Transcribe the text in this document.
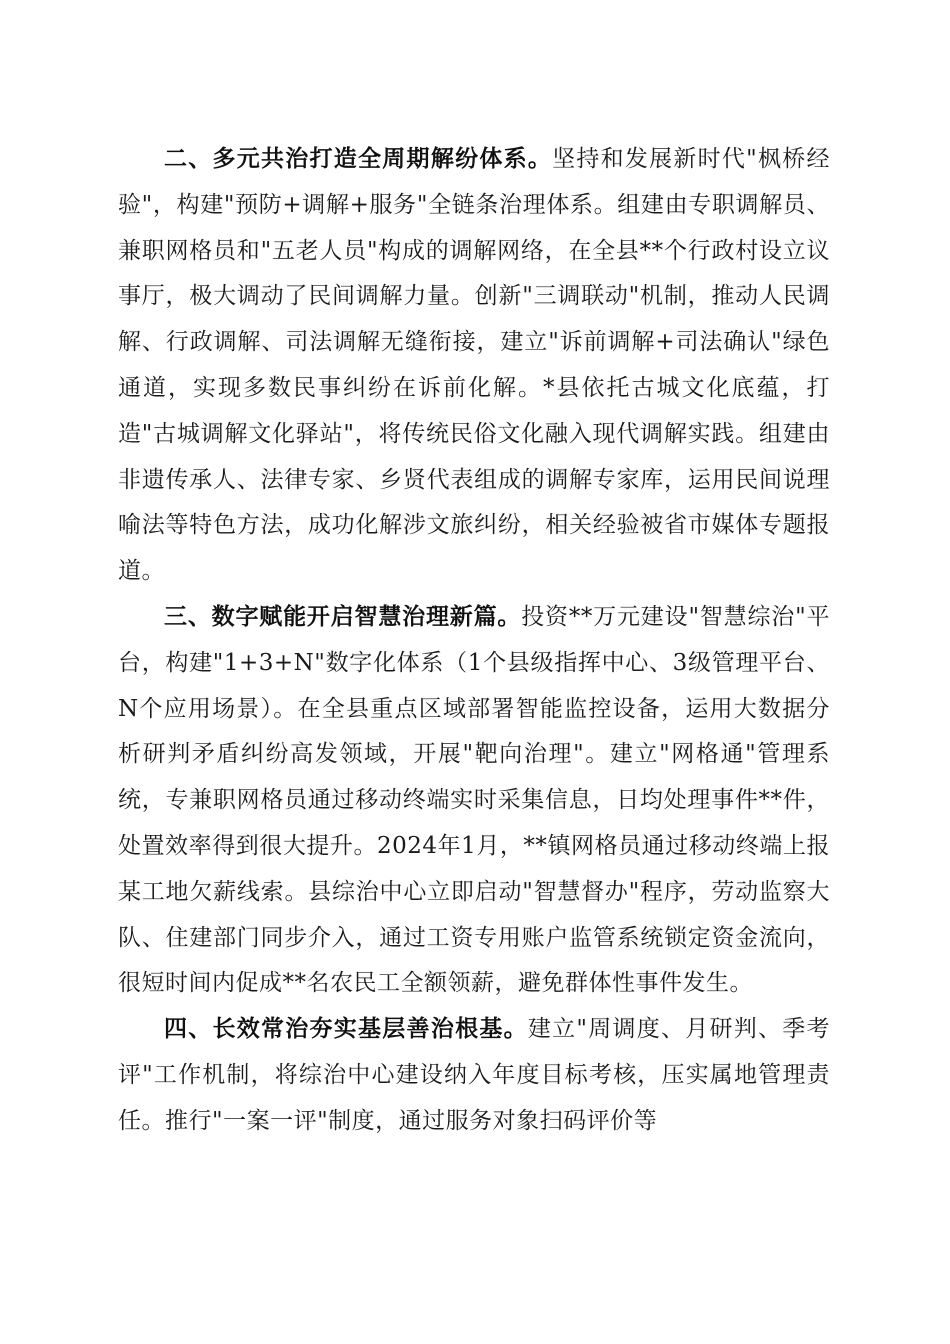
二、多元共治打造全周期解纷体系。坚持和发展新时代"枫桥经验"，构建"预防+调解+服务"全链条治理体系。组建由专职调解员、兼职网格员和"五老人员"构成的调解网络，在全县**个行政村设立议事厅，极大调动了民间调解力量。创新"三调联动"机制，推动人民调解、行政调解、司法调解无缝衔接，建立"诉前调解+司法确认"绿色通道，实现多数民事纠纷在诉前化解。*县依托古城文化底蕴，打造"古城调解文化驿站"，将传统民俗文化融入现代调解实践。组建由非遗传承人、法律专家、乡贤代表组成的调解专家库，运用民间说理喻法等特色方法，成功化解涉文旅纠纷，相关经验被省市媒体专题报道。

三、数字赋能开启智慧治理新篇。投资**万元建设"智慧综治"平台，构建"1+3+N"数字化体系（1个县级指挥中心、3级管理平台、N个应用场景）。在全县重点区域部署智能监控设备，运用大数据分析研判矛盾纠纷高发领域，开展"靶向治理"。建立"网格通"管理系统，专兼职网格员通过移动终端实时采集信息，日均处理事件**件，处置效率得到很大提升。2024年1月，**镇网格员通过移动终端上报某工地欠薪线索。县综治中心立即启动"智慧督办"程序，劳动监察大队、住建部门同步介入，通过工资专用账户监管系统锁定资金流向，很短时间内促成**名农民工全额领薪，避免群体性事件发生。

四、长效常治夯实基层善治根基。建立"周调度、月研判、季考评"工作机制，将综治中心建设纳入年度目标考核，压实属地管理责任。推行"一案一评"制度，通过服务对象扫码评价等
